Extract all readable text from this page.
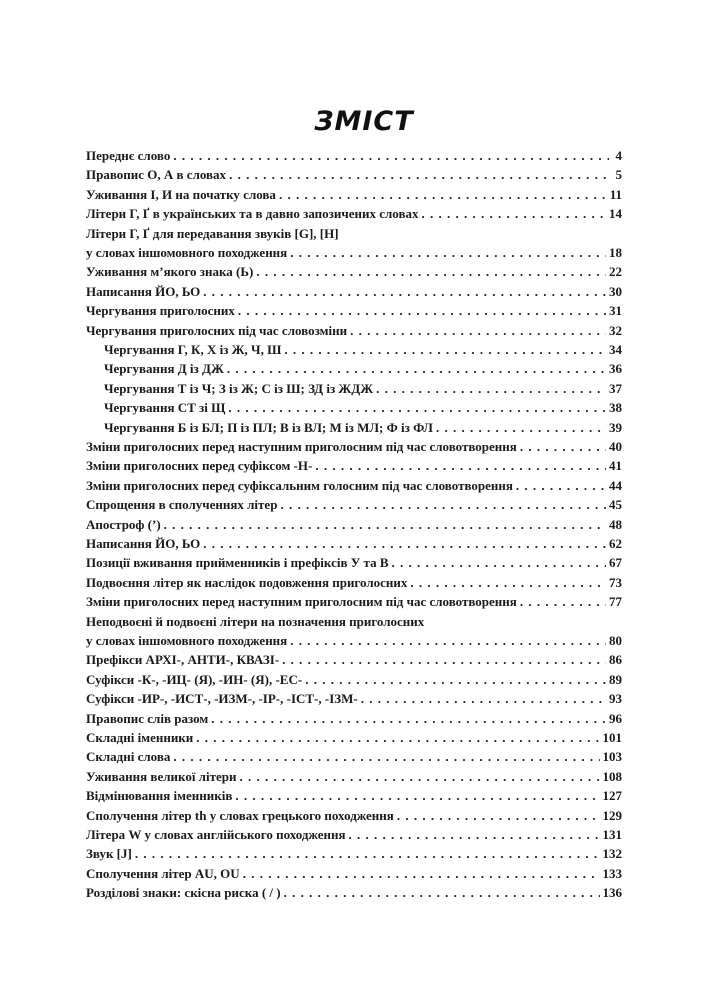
ЗМІСТ
Переднє слово . . .	4
Правопис О, А в словах . . .	5
Уживання І, И на початку слова . . .	11
Літери Г, Ґ в українських та в давно запозичених словах . . .	14
Літери Г, Ґ для передавання звуків [G], [H]
у словах іншомовного походження . . .	18
Уживання м’якого знака (Ь) . . .	22
Написання ЙО, ЬО . . .	30
Чергування приголосних . . .	31
Чергування приголосних під час словозміни . . .	32
Чергування Г, К, Х із Ж, Ч, Ш . . .	34
Чергування Д із ДЖ . . .	36
Чергування Т із Ч; З із Ж; С із Ш; ЗД із ЖДЖ . . .	37
Чергування СТ зі Щ . . .	38
Чергування Б із БЛ; П із ПЛ; В із ВЛ; М із МЛ; Ф із ФЛ . . .	39
Зміни приголосних перед наступним приголосним під час словотворення . . .	40
Зміни приголосних перед суфіксом -Н- . . .	41
Зміни приголосних перед суфіксальним голосним під час словотворення . . .	44
Спрощення в сполученнях літер . . .	45
Апостроф (’) . . .	48
Написання ЙО, ЬО . . .	62
Позиції вживання прийменників і префіксів У та В . . .	67
Подвоєння літер як наслідок подовження приголосних . . .	73
Зміни приголосних перед наступним приголосним під час словотворення . . .	77
Неподвоєні й подвоєні літери на позначення приголосних
у словах іншомовного походження . . .	80
Префікси АРХІ-, АНТИ-, КВАЗІ- . . .	86
Суфікси -К-, -ИЦ- (Я), -ИН- (Я), -ЕС- . . .	89
Суфікси -ИР-, -ИСТ-, -ИЗМ-, -ІР-, -ІСТ-, -ІЗМ- . . .	93
Правопис слів разом . . .	96
Складні іменники . . .	101
Складні слова . . .	103
Уживання великої літери . . .	108
Відмінювання іменників . . .	127
Сполучення літер th у словах грецького походження . . .	129
Літера W у словах англійського походження . . .	131
Звук [J] . . .	132
Сполучення літер AU, OU . . .	133
Розділові знаки: скісна риска ( / ) . . .	136
